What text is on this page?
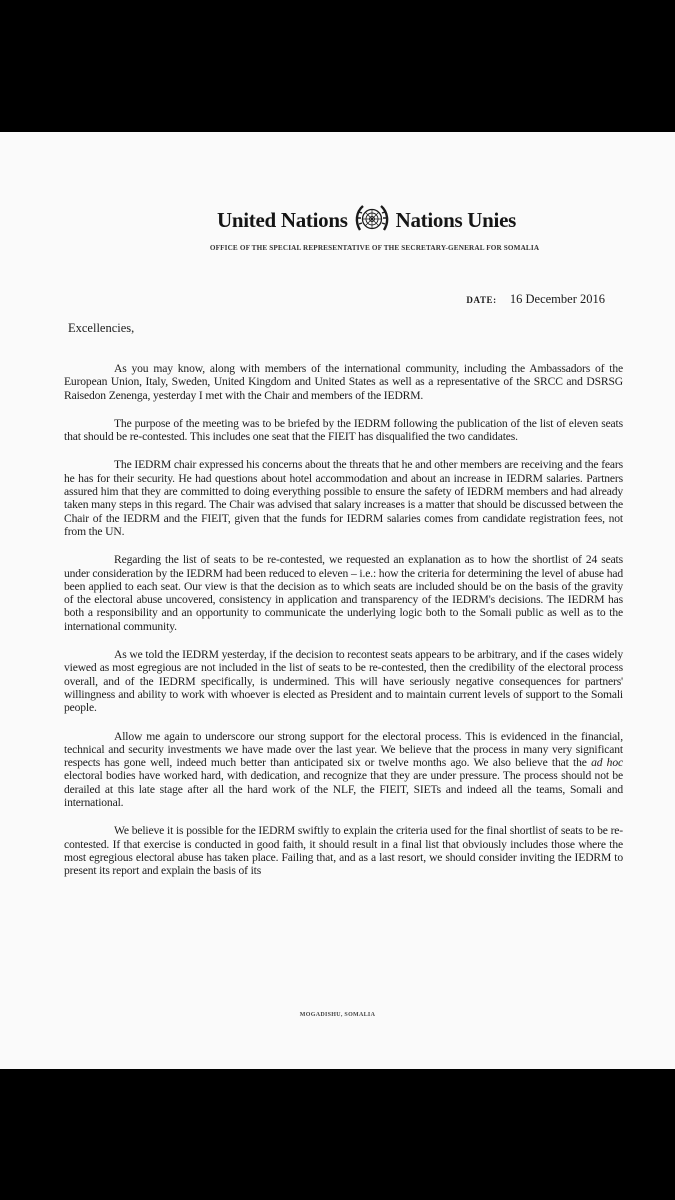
United Nations Nations Unies
OFFICE OF THE SPECIAL REPRESENTATIVE OF THE SECRETARY-GENERAL FOR SOMALIA
DATE: 16 December 2016
Excellencies,

As you may know, along with members of the international community, including the Ambassadors of the European Union, Italy, Sweden, United Kingdom and United States as well as a representative of the SRCC and DSRSG Raisedon Zenenga, yesterday I met with the Chair and members of the IEDRM.

The purpose of the meeting was to be briefed by the IEDRM following the publication of the list of eleven seats that should be re-contested. This includes one seat that the FIEIT has disqualified the two candidates.

The IEDRM chair expressed his concerns about the threats that he and other members are receiving and the fears he has for their security. He had questions about hotel accommodation and about an increase in IEDRM salaries. Partners assured him that they are committed to doing everything possible to ensure the safety of IEDRM members and had already taken many steps in this regard. The Chair was advised that salary increases is a matter that should be discussed between the Chair of the IEDRM and the FIEIT, given that the funds for IEDRM salaries comes from candidate registration fees, not from the UN.

Regarding the list of seats to be re-contested, we requested an explanation as to how the shortlist of 24 seats under consideration by the IEDRM had been reduced to eleven – i.e.: how the criteria for determining the level of abuse had been applied to each seat. Our view is that the decision as to which seats are included should be on the basis of the gravity of the electoral abuse uncovered, consistency in application and transparency of the IEDRM's decisions. The IEDRM has both a responsibility and an opportunity to communicate the underlying logic both to the Somali public as well as to the international community.

As we told the IEDRM yesterday, if the decision to recontest seats appears to be arbitrary, and if the cases widely viewed as most egregious are not included in the list of seats to be re-contested, then the credibility of the electoral process overall, and of the IEDRM specifically, is undermined. This will have seriously negative consequences for partners' willingness and ability to work with whoever is elected as President and to maintain current levels of support to the Somali people.

Allow me again to underscore our strong support for the electoral process. This is evidenced in the financial, technical and security investments we have made over the last year. We believe that the process in many very significant respects has gone well, indeed much better than anticipated six or twelve months ago. We also believe that the ad hoc electoral bodies have worked hard, with dedication, and recognize that they are under pressure. The process should not be derailed at this late stage after all the hard work of the NLF, the FIEIT, SIETs and indeed all the teams, Somali and international.

We believe it is possible for the IEDRM swiftly to explain the criteria used for the final shortlist of seats to be re-contested. If that exercise is conducted in good faith, it should result in a final list that obviously includes those where the most egregious electoral abuse has taken place. Failing that, and as a last resort, we should consider inviting the IEDRM to present its report and explain the basis of its

MOGADISHU, SOMALIA
